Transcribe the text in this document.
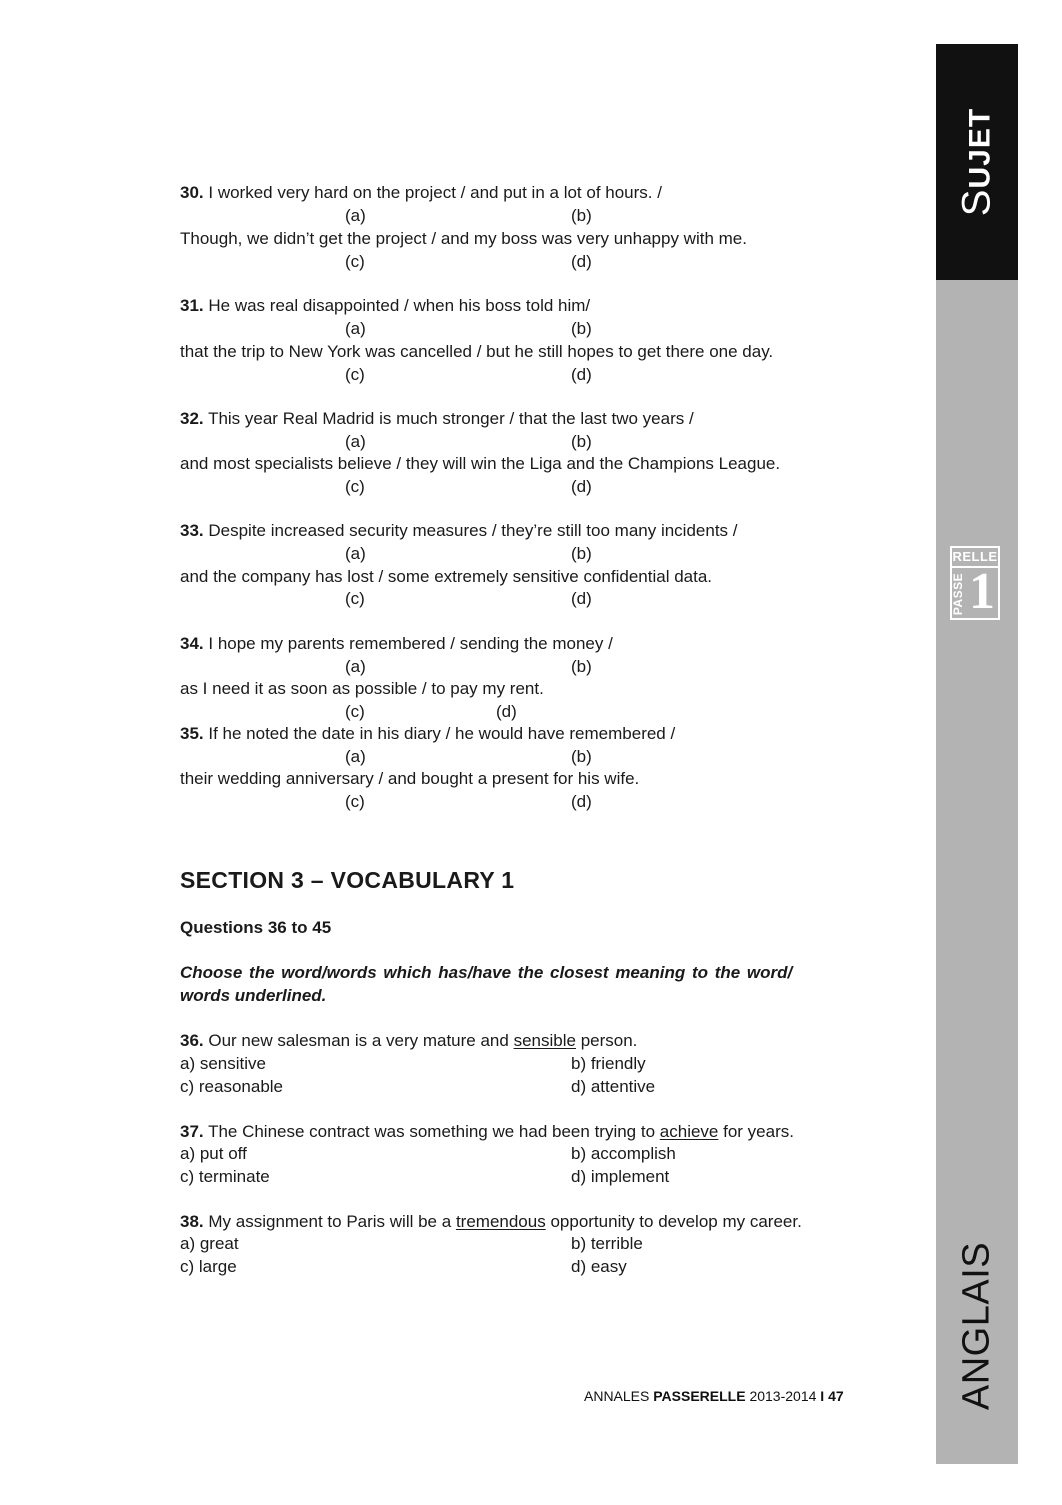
30. I worked very hard on the project / and put in a lot of hours. /
(a)	(b)
Though, we didn’t get the project / and my boss was very unhappy with me.
(c)	(d)
31. He was real disappointed / when his boss told him/
(a)	(b)
that the trip to New York was cancelled / but he still hopes to get there one day.
(c)	(d)
32. This year Real Madrid is much stronger / that the last two years /
(a)	(b)
and most specialists believe / they will win the Liga and the Champions League.
(c)	(d)
33. Despite increased security measures / they’re still too many incidents /
(a)	(b)
and the company has lost / some extremely sensitive confidential data.
(c)	(d)
34. I hope my parents remembered / sending the money /
(a)	(b)
as I need it as soon as possible / to pay my rent.
(c)	(d)
35. If he noted the date in his diary / he would have remembered /
(a)	(b)
their wedding anniversary / and bought a present for his wife.
(c)	(d)
SECTION 3 – VOCABULARY 1
Questions 36 to 45
Choose the word/words which has/have the closest meaning to the word/
words underlined.
36. Our new salesman is a very mature and sensible person.
a) sensitive	b) friendly
c) reasonable	d) attentive
37. The Chinese contract was something we had been trying to achieve for years.
a) put off	b) accomplish
c) terminate	d) implement
38. My assignment to Paris will be a tremendous opportunity to develop my career.
a) great	b) terrible
c) large	d) easy
ANNALES PASSERELLE 2013-2014 I 47
SUJET
RELLE
PASSE 1
ANGLAIS
